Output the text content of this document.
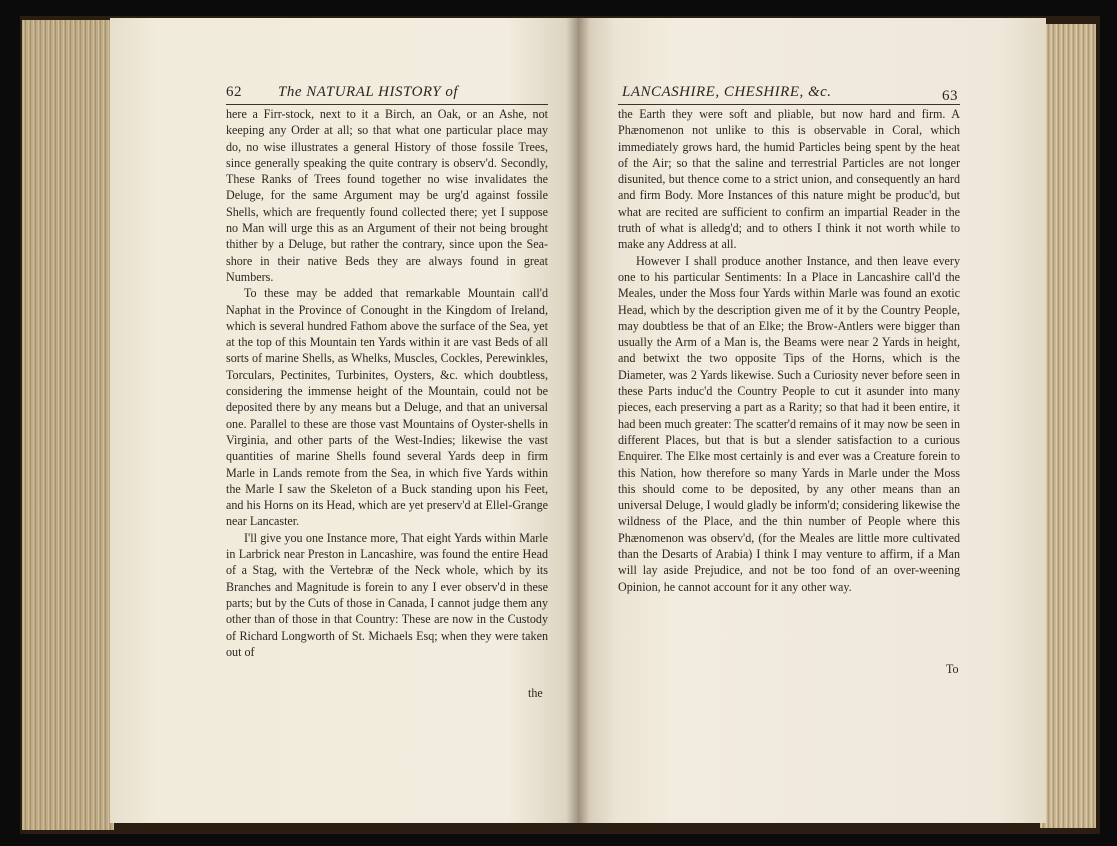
62 The NATURAL HISTORY of

here a Firr-stock, next to it a Birch, an Oak, or an Ashe, not keeping any Order at all; so that what one particular place may do, no wise illustrates a general History of those fossile Trees, since generally speaking the quite contrary is observ'd. Secondly, These Ranks of Trees found together no wise invalidates the Deluge, for the same Argument may be urg'd against fossile Shells, which are frequently found collected there; yet I suppose no Man will urge this as an Argument of their not being brought thither by a Deluge, but rather the contrary, since upon the Sea-shore in their native Beds they are always found in great Numbers.

To these may be added that remarkable Mountain call'd Naphat in the Province of Conought in the Kingdom of Ireland, which is several hundred Fathom above the surface of the Sea, yet at the top of this Mountain ten Yards within it are vast Beds of all sorts of marine Shells, as Whelks, Muscles, Cockles, Perewinkles, Torculars, Pectinites, Turbinites, Oysters, &c. which doubtless, considering the immense height of the Mountain, could not be deposited there by any means but a Deluge, and that an universal one. Parallel to these are those vast Mountains of Oyster-shells in Virginia, and other parts of the West-Indies; likewise the vast quantities of marine Shells found several Yards deep in firm Marle in Lands remote from the Sea, in which five Yards within the Marle I saw the Skeleton of a Buck standing upon his Feet, and his Horns on its Head, which are yet preserv'd at Ellel-Grange near Lancaster.

I'll give you one Instance more, That eight Yards within Marle in Larbrick near Preston in Lancashire, was found the entire Head of a Stag, with the Vertebræ of the Neck whole, which by its Branches and Magnitude is forein to any I ever observ'd in these parts; but by the Cuts of those in Canada, I cannot judge them any other than of those in that Country: These are now in the Custody of Richard Longworth of St. Michaels Esq; when they were taken out of

the
LANCASHIRE, CHESHIRE, &c.	63

the Earth they were soft and pliable, but now hard and firm. A Phænomenon not unlike to this is observable in Coral, which immediately grows hard, the humid Particles being spent by the heat of the Air; so that the saline and terrestrial Particles are not longer disunited, but thence come to a strict union, and consequently an hard and firm Body. More Instances of this nature might be produc'd, but what are recited are sufficient to confirm an impartial Reader in the truth of what is alledg'd; and to others I think it not worth while to make any Address at all.

However I shall produce another Instance, and then leave every one to his particular Sentiments: In a Place in Lancashire call'd the Meales, under the Moss four Yards within Marle was found an exotic Head, which by the description given me of it by the Country People, may doubtless be that of an Elke; the Brow-Antlers were bigger than usually the Arm of a Man is, the Beams were near 2 Yards in height, and betwixt the two opposite Tips of the Horns, which is the Diameter, was 2 Yards likewise. Such a Curiosity never before seen in these Parts induc'd the Country People to cut it asunder into many pieces, each preserving a part as a Rarity; so that had it been entire, it had been much greater: The scatter'd remains of it may now be seen in different Places, but that is but a slender satisfaction to a curious Enquirer. The Elke most certainly is and ever was a Creature forein to this Nation, how therefore so many Yards in Marle under the Moss this should come to be deposited, by any other means than an universal Deluge, I would gladly be inform'd; considering likewise the wildness of the Place, and the thin number of People where this Phænomenon was observ'd, (for the Meales are little more cultivated than the Desarts of Arabia) I think I may venture to affirm, if a Man will lay aside Prejudice, and not be too fond of an over-weening Opinion, he cannot account for it any other way.

To
